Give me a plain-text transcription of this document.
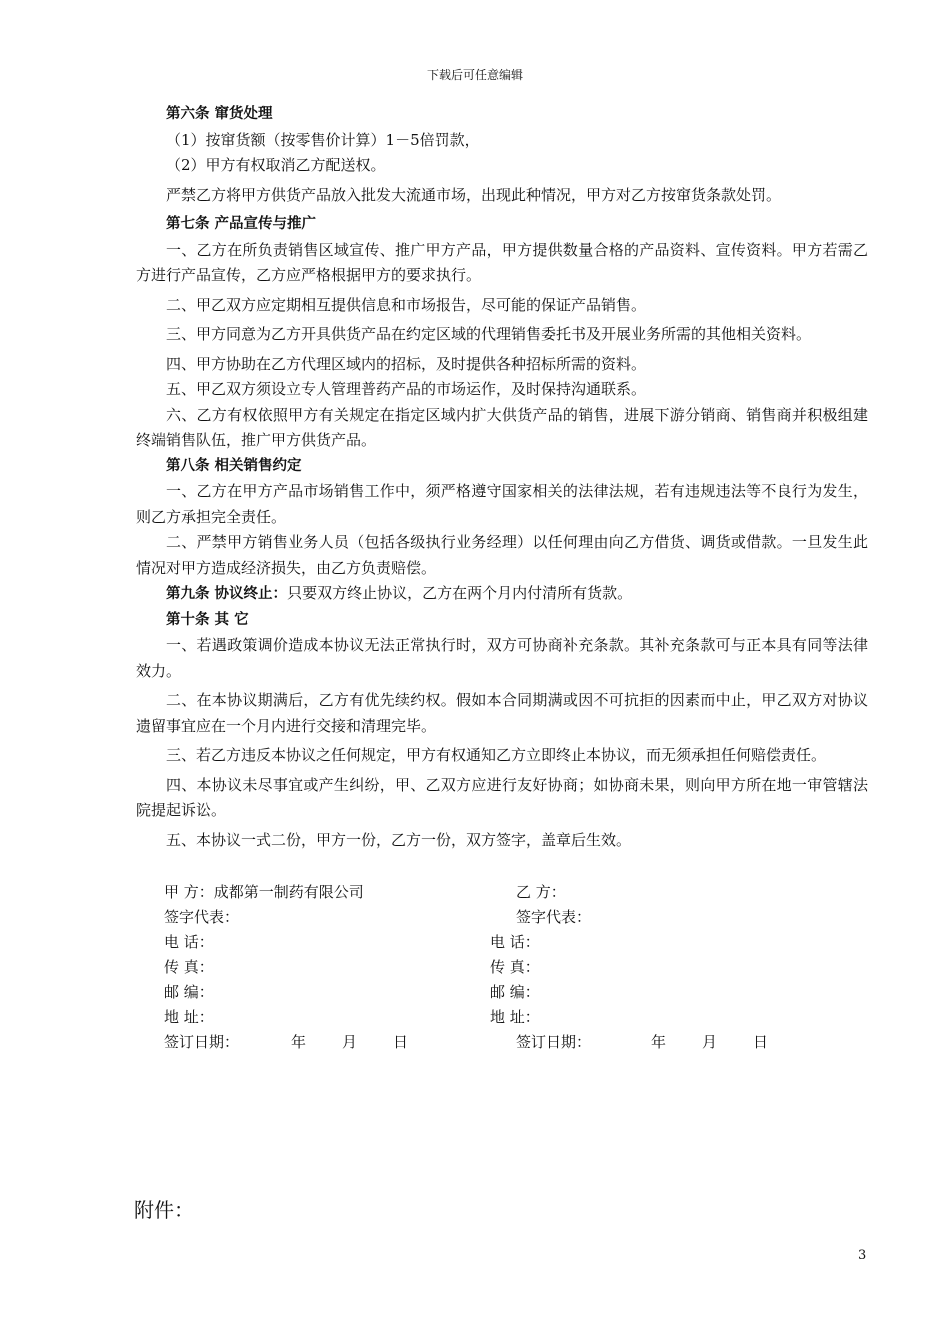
下载后可任意编辑
第六条 窜货处理
（1）按窜货额（按零售价计算）1－5倍罚款，
（2）甲方有权取消乙方配送权。
严禁乙方将甲方供货产品放入批发大流通市场，出现此种情况，甲方对乙方按窜货条款处罚。
第七条 产品宣传与推广
一、乙方在所负责销售区域宣传、推广甲方产品，甲方提供数量合格的产品资料、宣传资料。甲方若需乙方进行产品宣传，乙方应严格根据甲方的要求执行。
二、甲乙双方应定期相互提供信息和市场报告，尽可能的保证产品销售。
三、甲方同意为乙方开具供货产品在约定区域的代理销售委托书及开展业务所需的其他相关资料。
四、甲方协助在乙方代理区域内的招标，及时提供各种招标所需的资料。
五、甲乙双方须设立专人管理普药产品的市场运作，及时保持沟通联系。
六、乙方有权依照甲方有关规定在指定区域内扩大供货产品的销售，进展下游分销商、销售商并积极组建终端销售队伍，推广甲方供货产品。
第八条 相关销售约定
一、乙方在甲方产品市场销售工作中，须严格遵守国家相关的法律法规，若有违规违法等不良行为发生，则乙方承担完全责任。
二、严禁甲方销售业务人员（包括各级执行业务经理）以任何理由向乙方借货、调货或借款。一旦发生此情况对甲方造成经济损失，由乙方负责赔偿。
第九条 协议终止：只要双方终止协议，乙方在两个月内付清所有货款。
第十条 其 它
一、若遇政策调价造成本协议无法正常执行时，双方可协商补充条款。其补充条款可与正本具有同等法律效力。
二、在本协议期满后，乙方有优先续约权。假如本合同期满或因不可抗拒的因素而中止，甲乙双方对协议遗留事宜应在一个月内进行交接和清理完毕。
三、若乙方违反本协议之任何规定，甲方有权通知乙方立即终止本协议，而无须承担任何赔偿责任。
四、本协议未尽事宜或产生纠纷，甲、乙双方应进行友好协商；如协商未果，则向甲方所在地一审管辖法院提起诉讼。
五、本协议一式二份，甲方一份，乙方一份，双方签字，盖章后生效。
甲 方：成都第一制药有限公司	乙 方：
签字代表：	签字代表：
电 话：	电 话：
传 真：	传 真：
邮 编：	邮 编：
地 址：	地 址：
签订日期：	年 月 日	签订日期：	年 月 日
附件：
3
